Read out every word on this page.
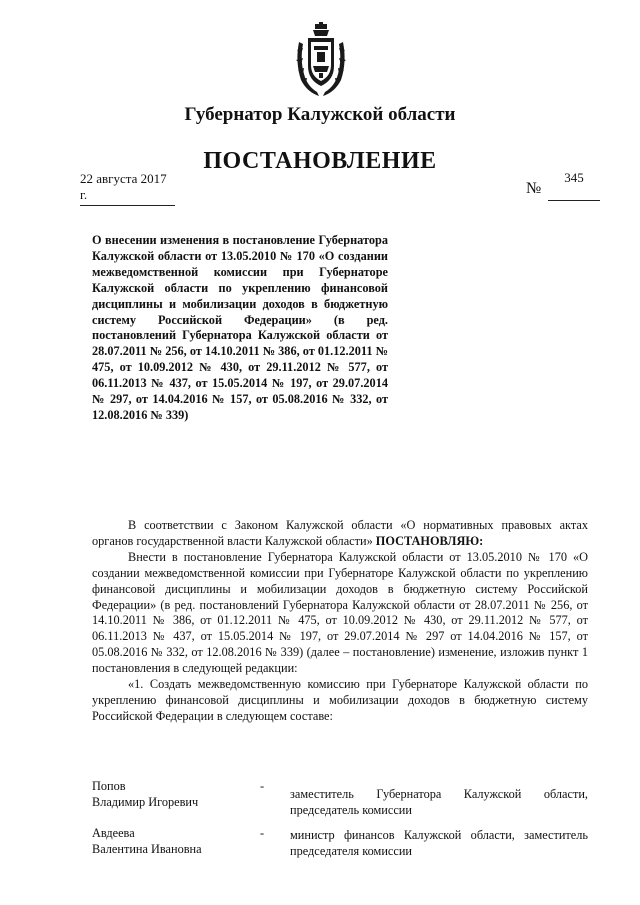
Губернатор Калужской области
ПОСТАНОВЛЕНИЕ
22 августа 2017 г.	№
345
О внесении изменения в постановление Губернатора Калужской области от 13.05.2010 № 170 «О создании межведомственной комиссии при Губернаторе Калужской области по укреплению финансовой дисциплины и мобилизации доходов в бюджетную систему Российской Федерации» (в ред. постановлений Губернатора Калужской области от 28.07.2011 № 256, от 14.10.2011 № 386, от 01.12.2011 № 475, от 10.09.2012 № 430, от 29.11.2012 № 577, от 06.11.2013 № 437, от 15.05.2014 № 197, от 29.07.2014 № 297, от 14.04.2016 № 157, от 05.08.2016 № 332, от 12.08.2016 № 339)

В соответствии с Законом Калужской области «О нормативных правовых актах органов государственной власти Калужской области» ПОСТАНОВЛЯЮ:

Внести в постановление Губернатора Калужской области от 13.05.2010 № 170 «О создании межведомственной комиссии при Губернаторе Калужской области по укреплению финансовой дисциплины и мобилизации доходов в бюджетную систему Российской Федерации» (в ред. постановлений Губернатора Калужской области от 28.07.2011 № 256, от 14.10.2011 № 386, от 01.12.2011 № 475, от 10.09.2012 № 430, от 29.11.2012 № 577, от 06.11.2013 № 437, от 15.05.2014 № 197, от 29.07.2014 № 297 от 14.04.2016 № 157, от 05.08.2016 № 332, от 12.08.2016 № 339) (далее – постановление) изменение, изложив пункт 1 постановления в следующей редакции:

«1. Создать межведомственную комиссию при Губернаторе Калужской области по укреплению финансовой дисциплины и мобилизации доходов в бюджетную систему Российской Федерации в следующем составе:

Попов
Владимир Игоревич
-
заместитель Губернатора Калужской области, председатель комиссии
Авдеева
Валентина Ивановна
- министр финансов Калужской области, заместитель председателя комиссии
